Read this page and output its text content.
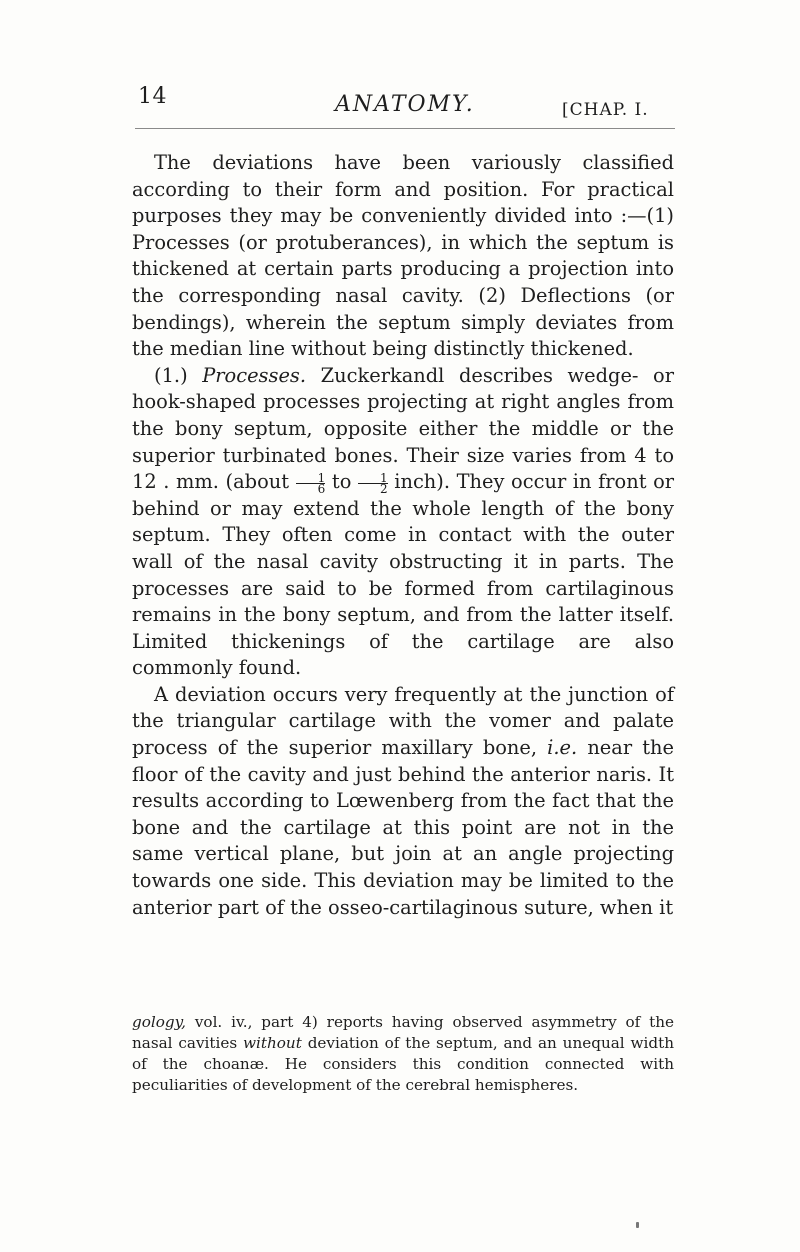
14	ANATOMY.	[CHAP. I.

The deviations have been variously classified according to their form and position. For practical purposes they may be conveniently divided into :—(1) Processes (or protuberances), in which the septum is thickened at certain parts producing a projection into the corresponding nasal cavity. (2) Deflections (or bendings), wherein the septum simply deviates from the median line without being distinctly thickened.

(1.) Processes. Zuckerkandl describes wedge- or hook-shaped processes projecting at right angles from the bony septum, opposite either the middle or the superior turbinated bones. Their size varies from 4 to 12 . mm. (about $\frac{1}{6}$ to $\frac{1}{2}$ inch). They occur in front or behind or may extend the whole length of the bony septum. They often come in contact with the outer wall of the nasal cavity obstructing it in parts. The processes are said to be formed from cartilaginous remains in the bony septum, and from the latter itself. Limited thickenings of the cartilage are also commonly found.

A deviation occurs very frequently at the junction of the triangular cartilage with the vomer and palate process of the superior maxillary bone, i.e. near the floor of the cavity and just behind the anterior naris. It results according to Lœwenberg from the fact that the bone and the cartilage at this point are not in the same vertical plane, but join at an angle projecting towards one side. This deviation may be limited to the anterior part of the osseo-cartilaginous suture, when it

gology, vol. iv., part 4) reports having observed asymmetry of the nasal cavities without deviation of the septum, and an unequal width of the choanæ. He considers this condition connected with peculiarities of development of the cerebral hemispheres.
